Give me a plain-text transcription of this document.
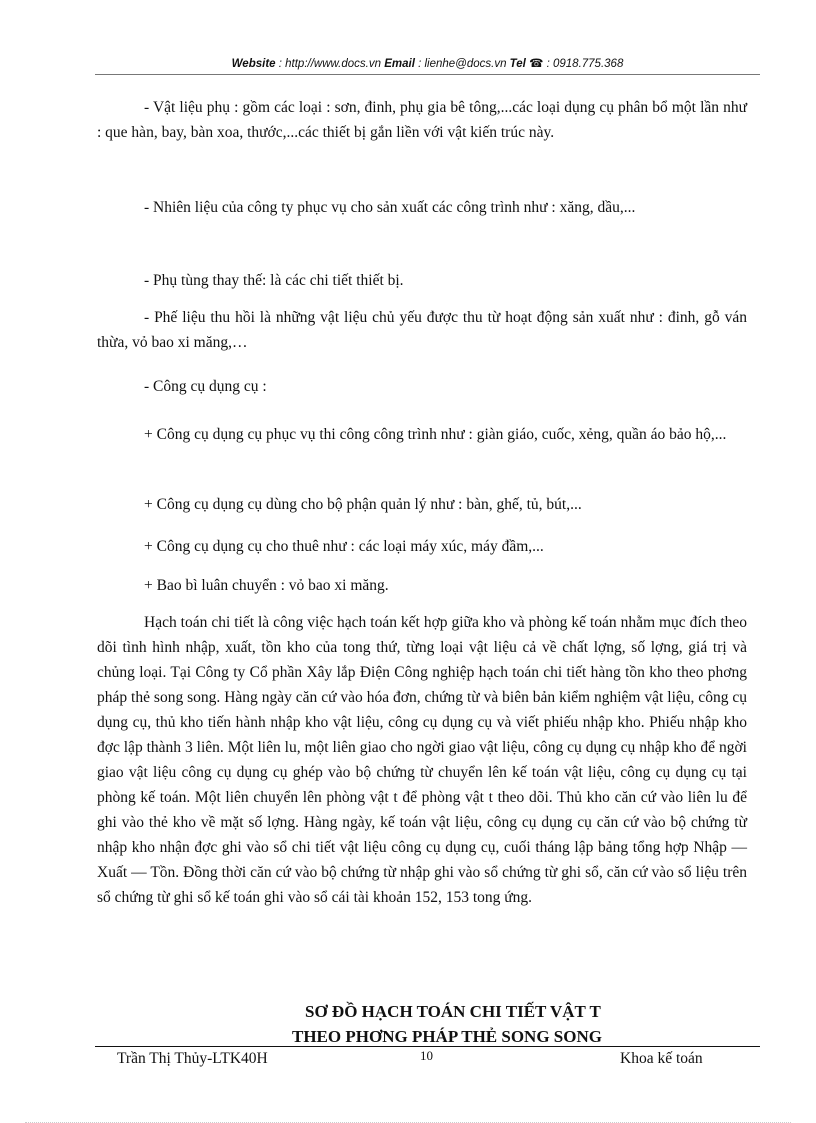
Website : http://www.docs.vn Email : lienhe@docs.vn Tel ☎ : 0918.775.368

- Vật liệu phụ : gồm các loại : sơn, đinh, phụ gia bê tông,...các loại dụng cụ phân bổ một lần như : que hàn, bay, bàn xoa, thước,...các thiết bị gắn liền với vật kiến trúc này.

- Nhiên liệu của công ty phục vụ cho sản xuất các công trình như : xăng, dầu,...

- Phụ tùng thay thế: là các chi tiết thiết bị.

- Phế liệu thu hồi là những vật liệu chủ yếu được thu từ hoạt động sản xuất như : đinh, gỗ ván thừa, vỏ bao xi măng,…

- Công cụ dụng cụ :

+ Công cụ dụng cụ phục vụ thi công công trình như : giàn giáo, cuốc, xẻng, quần áo bảo hộ,...

+ Công cụ dụng cụ dùng cho bộ phận quản lý như : bàn, ghế, tủ, bút,...

+ Công cụ dụng cụ cho thuê như : các loại máy xúc, máy đầm,...

+ Bao bì luân chuyển : vỏ bao xi măng.

Hạch toán chi tiết là công việc hạch toán kết hợp giữa kho và phòng kế toán nhằm mục đích theo dõi tình hình nhập, xuất, tồn kho của tong thứ, từng loại vật liệu cả về chất lợng, số lợng, giá trị và chủng loại. Tại Công ty Cổ phần Xây lắp Điện Công nghiệp hạch toán chi tiết hàng tồn kho theo phơng pháp thẻ song song. Hàng ngày căn cứ vào hóa đơn, chứng từ và biên bản kiểm nghiệm vật liệu, công cụ dụng cụ, thủ kho tiến hành nhập kho vật liệu, công cụ dụng cụ và viết phiếu nhập kho. Phiếu nhập kho đợc lập thành 3 liên. Một liên lu, một liên giao cho ngời giao vật liệu, công cụ dụng cụ nhập kho để ngời giao vật liệu công cụ dụng cụ ghép vào bộ chứng từ chuyển lên kế toán vật liệu, công cụ dụng cụ tại phòng kế toán. Một liên chuyển lên phòng vật t để phòng vật t theo dõi. Thủ kho căn cứ vào liên lu để ghi vào thẻ kho về mặt số lợng. Hàng ngày, kế toán vật liệu, công cụ dụng cụ căn cứ vào bộ chứng từ nhập kho nhận đợc ghi vào sổ chi tiết vật liệu công cụ dụng cụ, cuối tháng lập bảng tổng hợp Nhập — Xuất — Tồn. Đồng thời căn cứ vào bộ chứng từ nhập ghi vào sổ chứng từ ghi sổ, căn cứ vào sổ liệu trên sổ chứng từ ghi sổ kế toán ghi vào sổ cái tài khoản 152, 153 tong ứng.

SƠ ĐỒ HẠCH TOÁN CHI TIẾT VẬT T
THEO PHƠNG PHÁP THẺ SONG SONG
Trần Thị Thủy-LTK40H	10	Khoa kế toán
